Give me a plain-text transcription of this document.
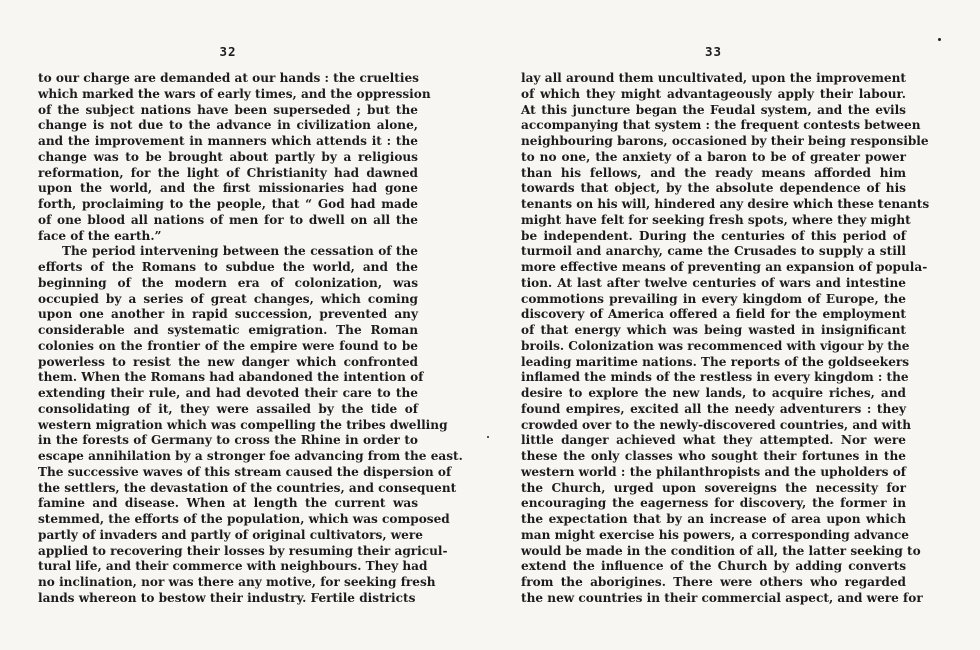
32
to our charge are demanded at our hands : the cruelties
which marked the wars of early times, and the oppression
of the subject nations have been superseded ; but the
change is not due to the advance in civilization alone,
and the improvement in manners which attends it : the
change was to be brought about partly by a religious
reformation, for the light of Christianity had dawned
upon the world, and the first missionaries had gone
forth, proclaiming to the people, that “ God had made
of one blood all nations of men for to dwell on all the
face of the earth.”
The period intervening between the cessation of the
efforts of the Romans to subdue the world, and the
beginning of the modern era of colonization, was
occupied by a series of great changes, which coming
upon one another in rapid succession, prevented any
considerable and systematic emigration. The Roman
colonies on the frontier of the empire were found to be
powerless to resist the new danger which confronted
them. When the Romans had abandoned the intention of
extending their rule, and had devoted their care to the
consolidating of it, they were assailed by the tide of
western migration which was compelling the tribes dwelling
in the forests of Germany to cross the Rhine in order to
escape annihilation by a stronger foe advancing from the east.
The successive waves of this stream caused the dispersion of
the settlers, the devastation of the countries, and consequent
famine and disease. When at length the current was
stemmed, the efforts of the population, which was composed
partly of invaders and partly of original cultivators, were
applied to recovering their losses by resuming their agricul-
tural life, and their commerce with neighbours. They had
no inclination, nor was there any motive, for seeking fresh
lands whereon to bestow their industry. Fertile districts
33
lay all around them uncultivated, upon the improvement
of which they might advantageously apply their labour.
At this juncture began the Feudal system, and the evils
accompanying that system : the frequent contests between
neighbouring barons, occasioned by their being responsible
to no one, the anxiety of a baron to be of greater power
than his fellows, and the ready means afforded him
towards that object, by the absolute dependence of his
tenants on his will, hindered any desire which these tenants
might have felt for seeking fresh spots, where they might
be independent. During the centuries of this period of
turmoil and anarchy, came the Crusades to supply a still
more effective means of preventing an expansion of popula-
tion. At last after twelve centuries of wars and intestine
commotions prevailing in every kingdom of Europe, the
discovery of America offered a field for the employment
of that energy which was being wasted in insignificant
broils. Colonization was recommenced with vigour by the
leading maritime nations. The reports of the goldseekers
inflamed the minds of the restless in every kingdom : the
desire to explore the new lands, to acquire riches, and
found empires, excited all the needy adventurers : they
crowded over to the newly-discovered countries, and with
little danger achieved what they attempted. Nor were
these the only classes who sought their fortunes in the
western world : the philanthropists and the upholders of
the Church, urged upon sovereigns the necessity for
encouraging the eagerness for discovery, the former in
the expectation that by an increase of area upon which
man might exercise his powers, a corresponding advance
would be made in the condition of all, the latter seeking to
extend the influence of the Church by adding converts
from the aborigines. There were others who regarded
the new countries in their commercial aspect, and were for
